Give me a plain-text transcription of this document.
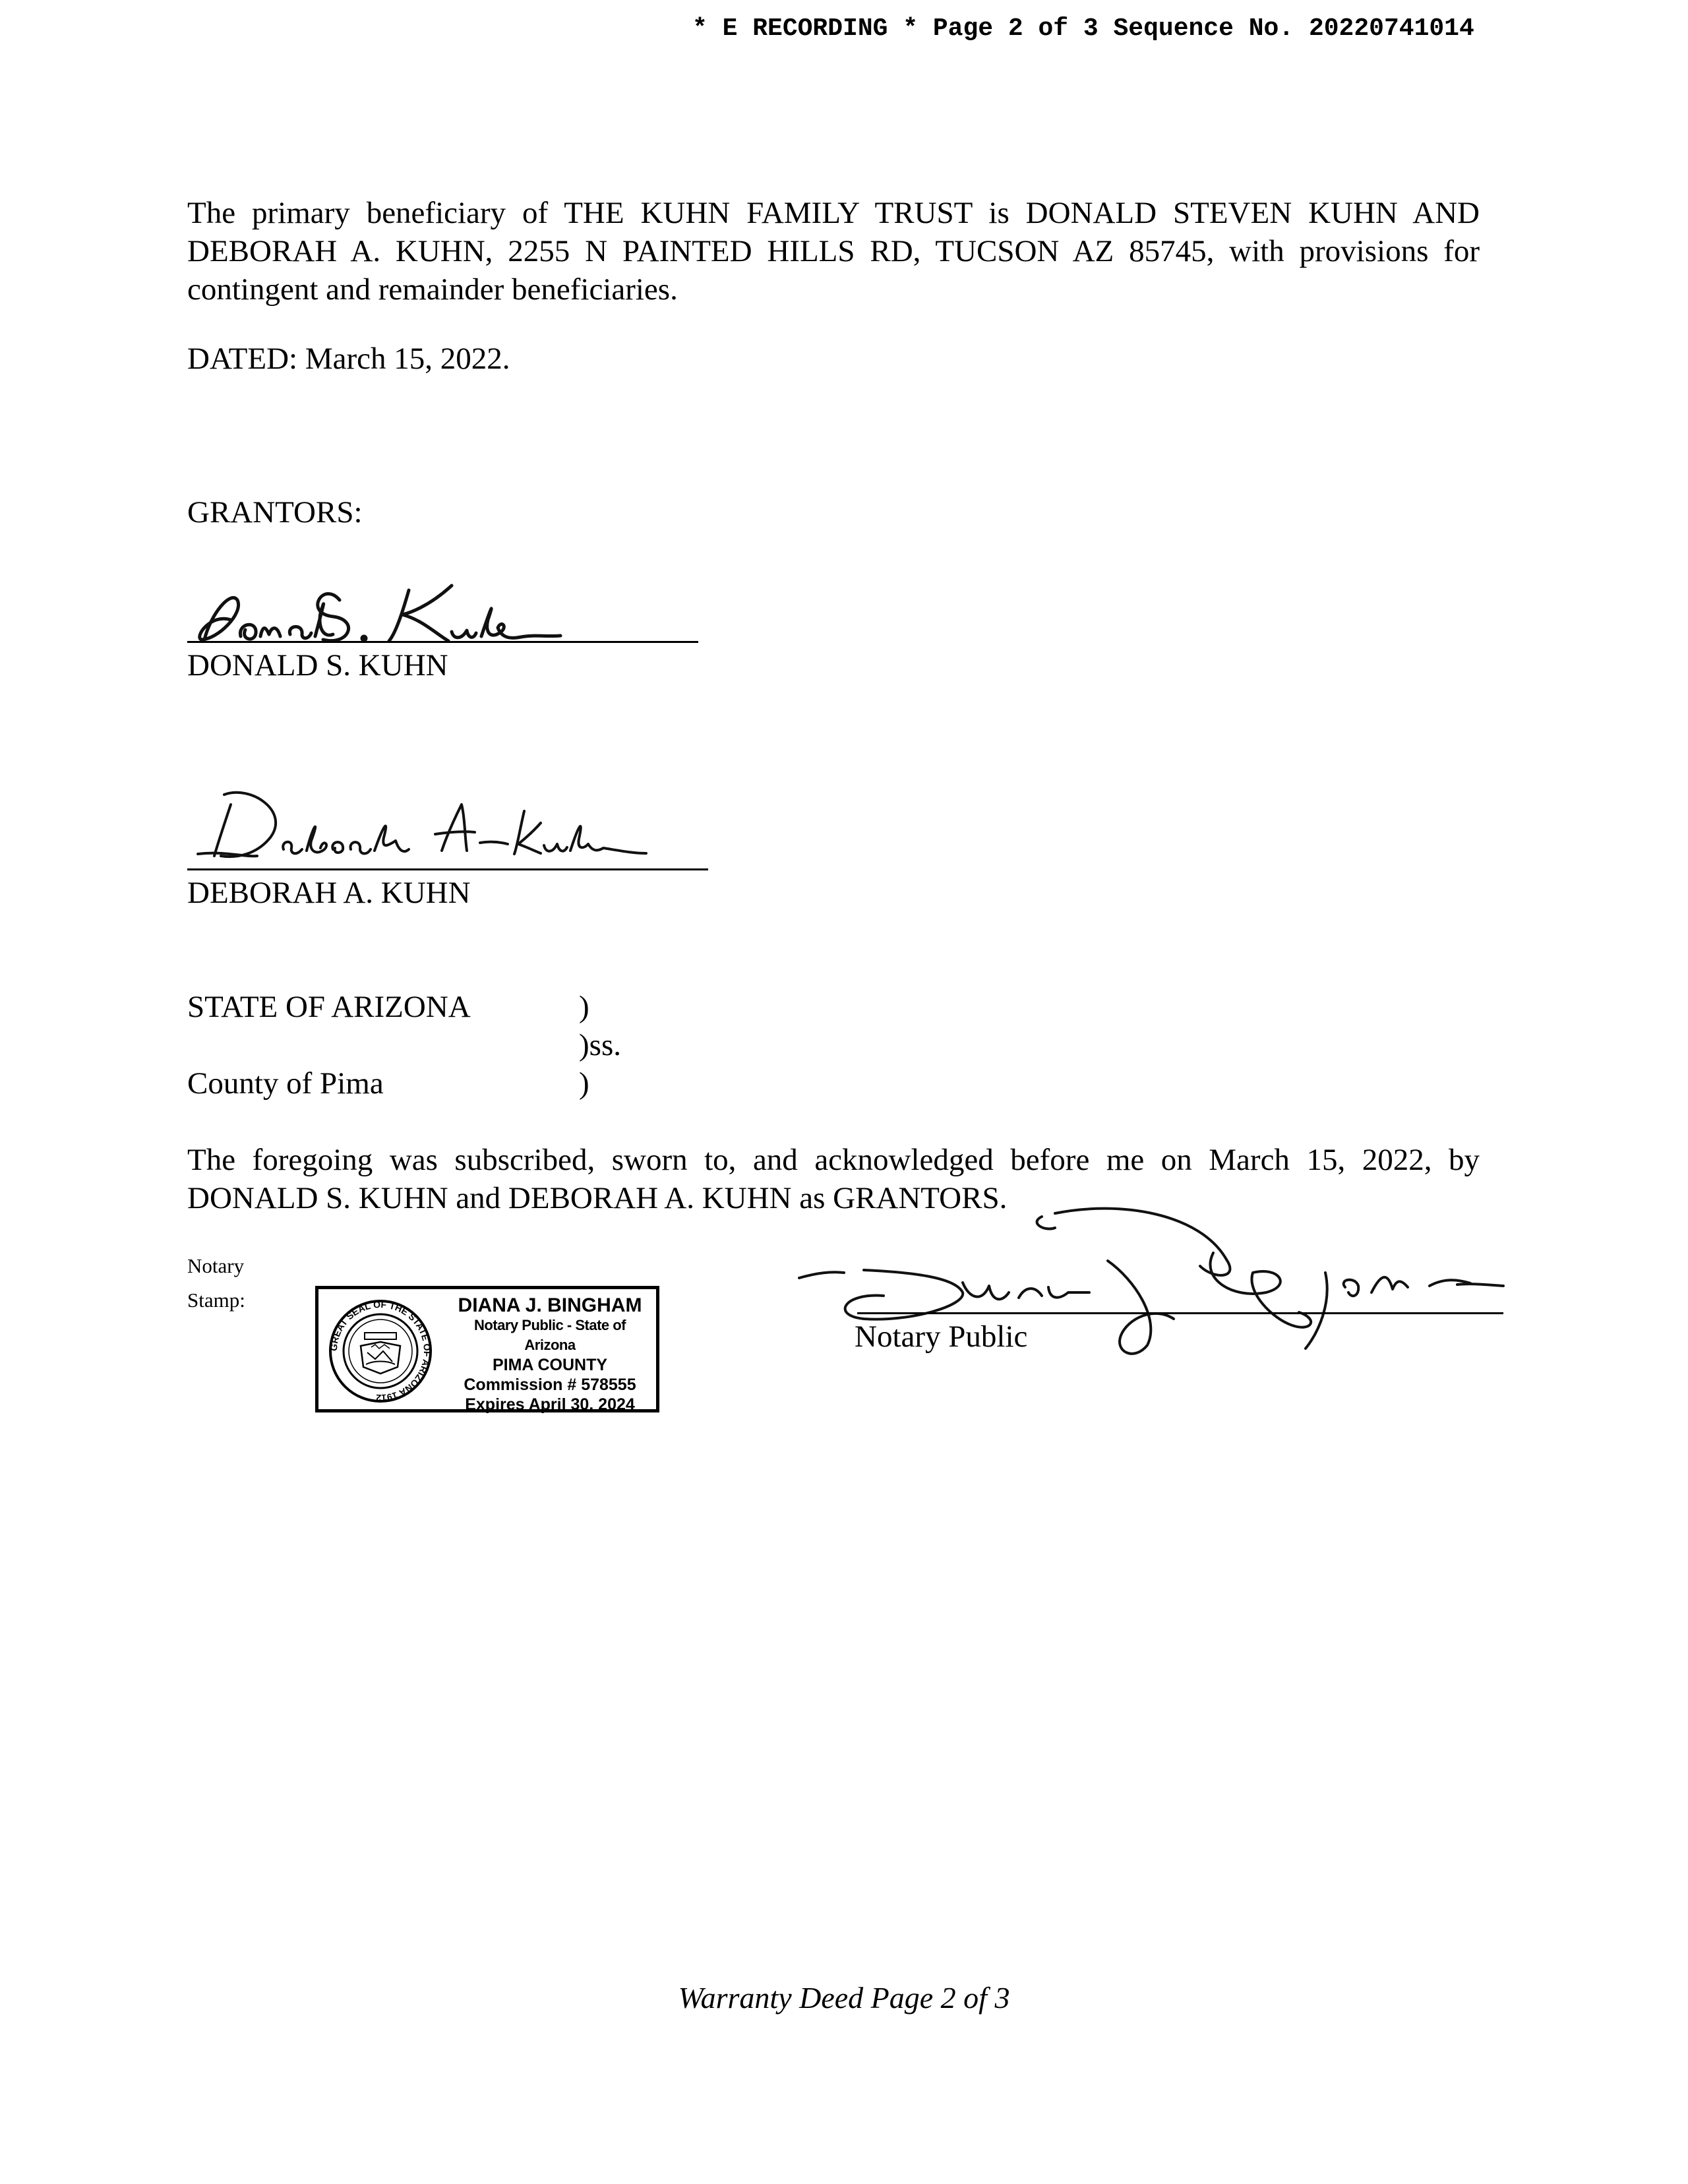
* E RECORDING * Page 2 of 3 Sequence No. 20220741014
The primary beneficiary of THE KUHN FAMILY TRUST is DONALD STEVEN KUHN AND
DEBORAH A. KUHN, 2255 N PAINTED HILLS RD, TUCSON AZ 85745, with provisions for
contingent and remainder beneficiaries.
DATED: March 15, 2022.
GRANTORS:
DONALD S. KUHN
DEBORAH A. KUHN
STATE OF ARIZONA	)
)ss.
County of Pima	)
The foregoing was subscribed, sworn to, and acknowledged before me on March 15, 2022, by
DONALD S. KUHN and DEBORAH A. KUHN as GRANTORS.
Notary
Stamp:
GREAT SEAL OF THE STATE OF ARIZONA 1912
DIANA J. BINGHAM
Notary Public - State of Arizona
PIMA COUNTY
Commission # 578555
Expires April 30, 2024
Notary Public
Warranty Deed Page 2 of 3
